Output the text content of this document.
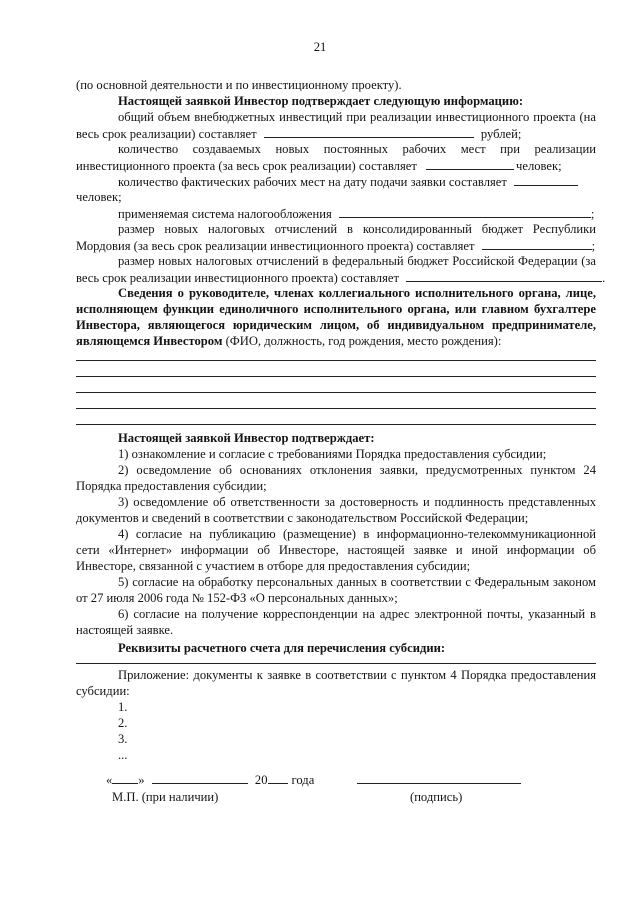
21
(по основной деятельности и по инвестиционному проекту).
Настоящей заявкой Инвестор подтверждает следующую информацию:
общий объем внебюджетных инвестиций при реализации инвестиционного проекта (на
весь срок реализации) составляет	рублей;
количество создаваемых новых постоянных рабочих мест при реализации
инвестиционного проекта (за весь срок реализации) составляет	человек;
количество фактических рабочих мест на дату подачи заявки составляет
человек;
применяемая система налогообложения	;
размер новых налоговых отчислений в консолидированный бюджет Республики
Мордовия (за весь срок реализации инвестиционного проекта) составляет	;
размер новых налоговых отчислений в федеральный бюджет Российской Федерации (за
весь срок реализации инвестиционного проекта) составляет	.
Сведения о руководителе, членах коллегиального исполнительного органа, лице,
исполняющем функции единоличного исполнительного органа, или главном бухгалтере
Инвестора, являющегося юридическим лицом, об индивидуальном предпринимателе,
являющемся Инвестором (ФИО, должность, год рождения, место рождения):
Настоящей заявкой Инвестор подтверждает:
1) ознакомление и согласие с требованиями Порядка предоставления субсидии;
2) осведомление об основаниях отклонения заявки, предусмотренных пунктом 24
Порядка предоставления субсидии;
3) осведомление об ответственности за достоверность и подлинность представленных
документов и сведений в соответствии с законодательством Российской Федерации;
4) согласие на публикацию (размещение) в информационно-телекоммуникационной
сети «Интернет» информации об Инвесторе, настоящей заявке и иной информации об
Инвесторе, связанной с участием в отборе для предоставления субсидии;
5) согласие на обработку персональных данных в соответствии с Федеральным законом
от 27 июля 2006 года № 152-ФЗ «О персональных данных»;
6) согласие на получение корреспонденции на адрес электронной почты, указанный в
настоящей заявке.
Реквизиты расчетного счета для перечисления субсидии:
Приложение: документы к заявке в соответствии с пунктом 4 Порядка предоставления
субсидии:
1.
2.
3.
...
« »	20 года
М.П. (при наличии)	(подпись)
